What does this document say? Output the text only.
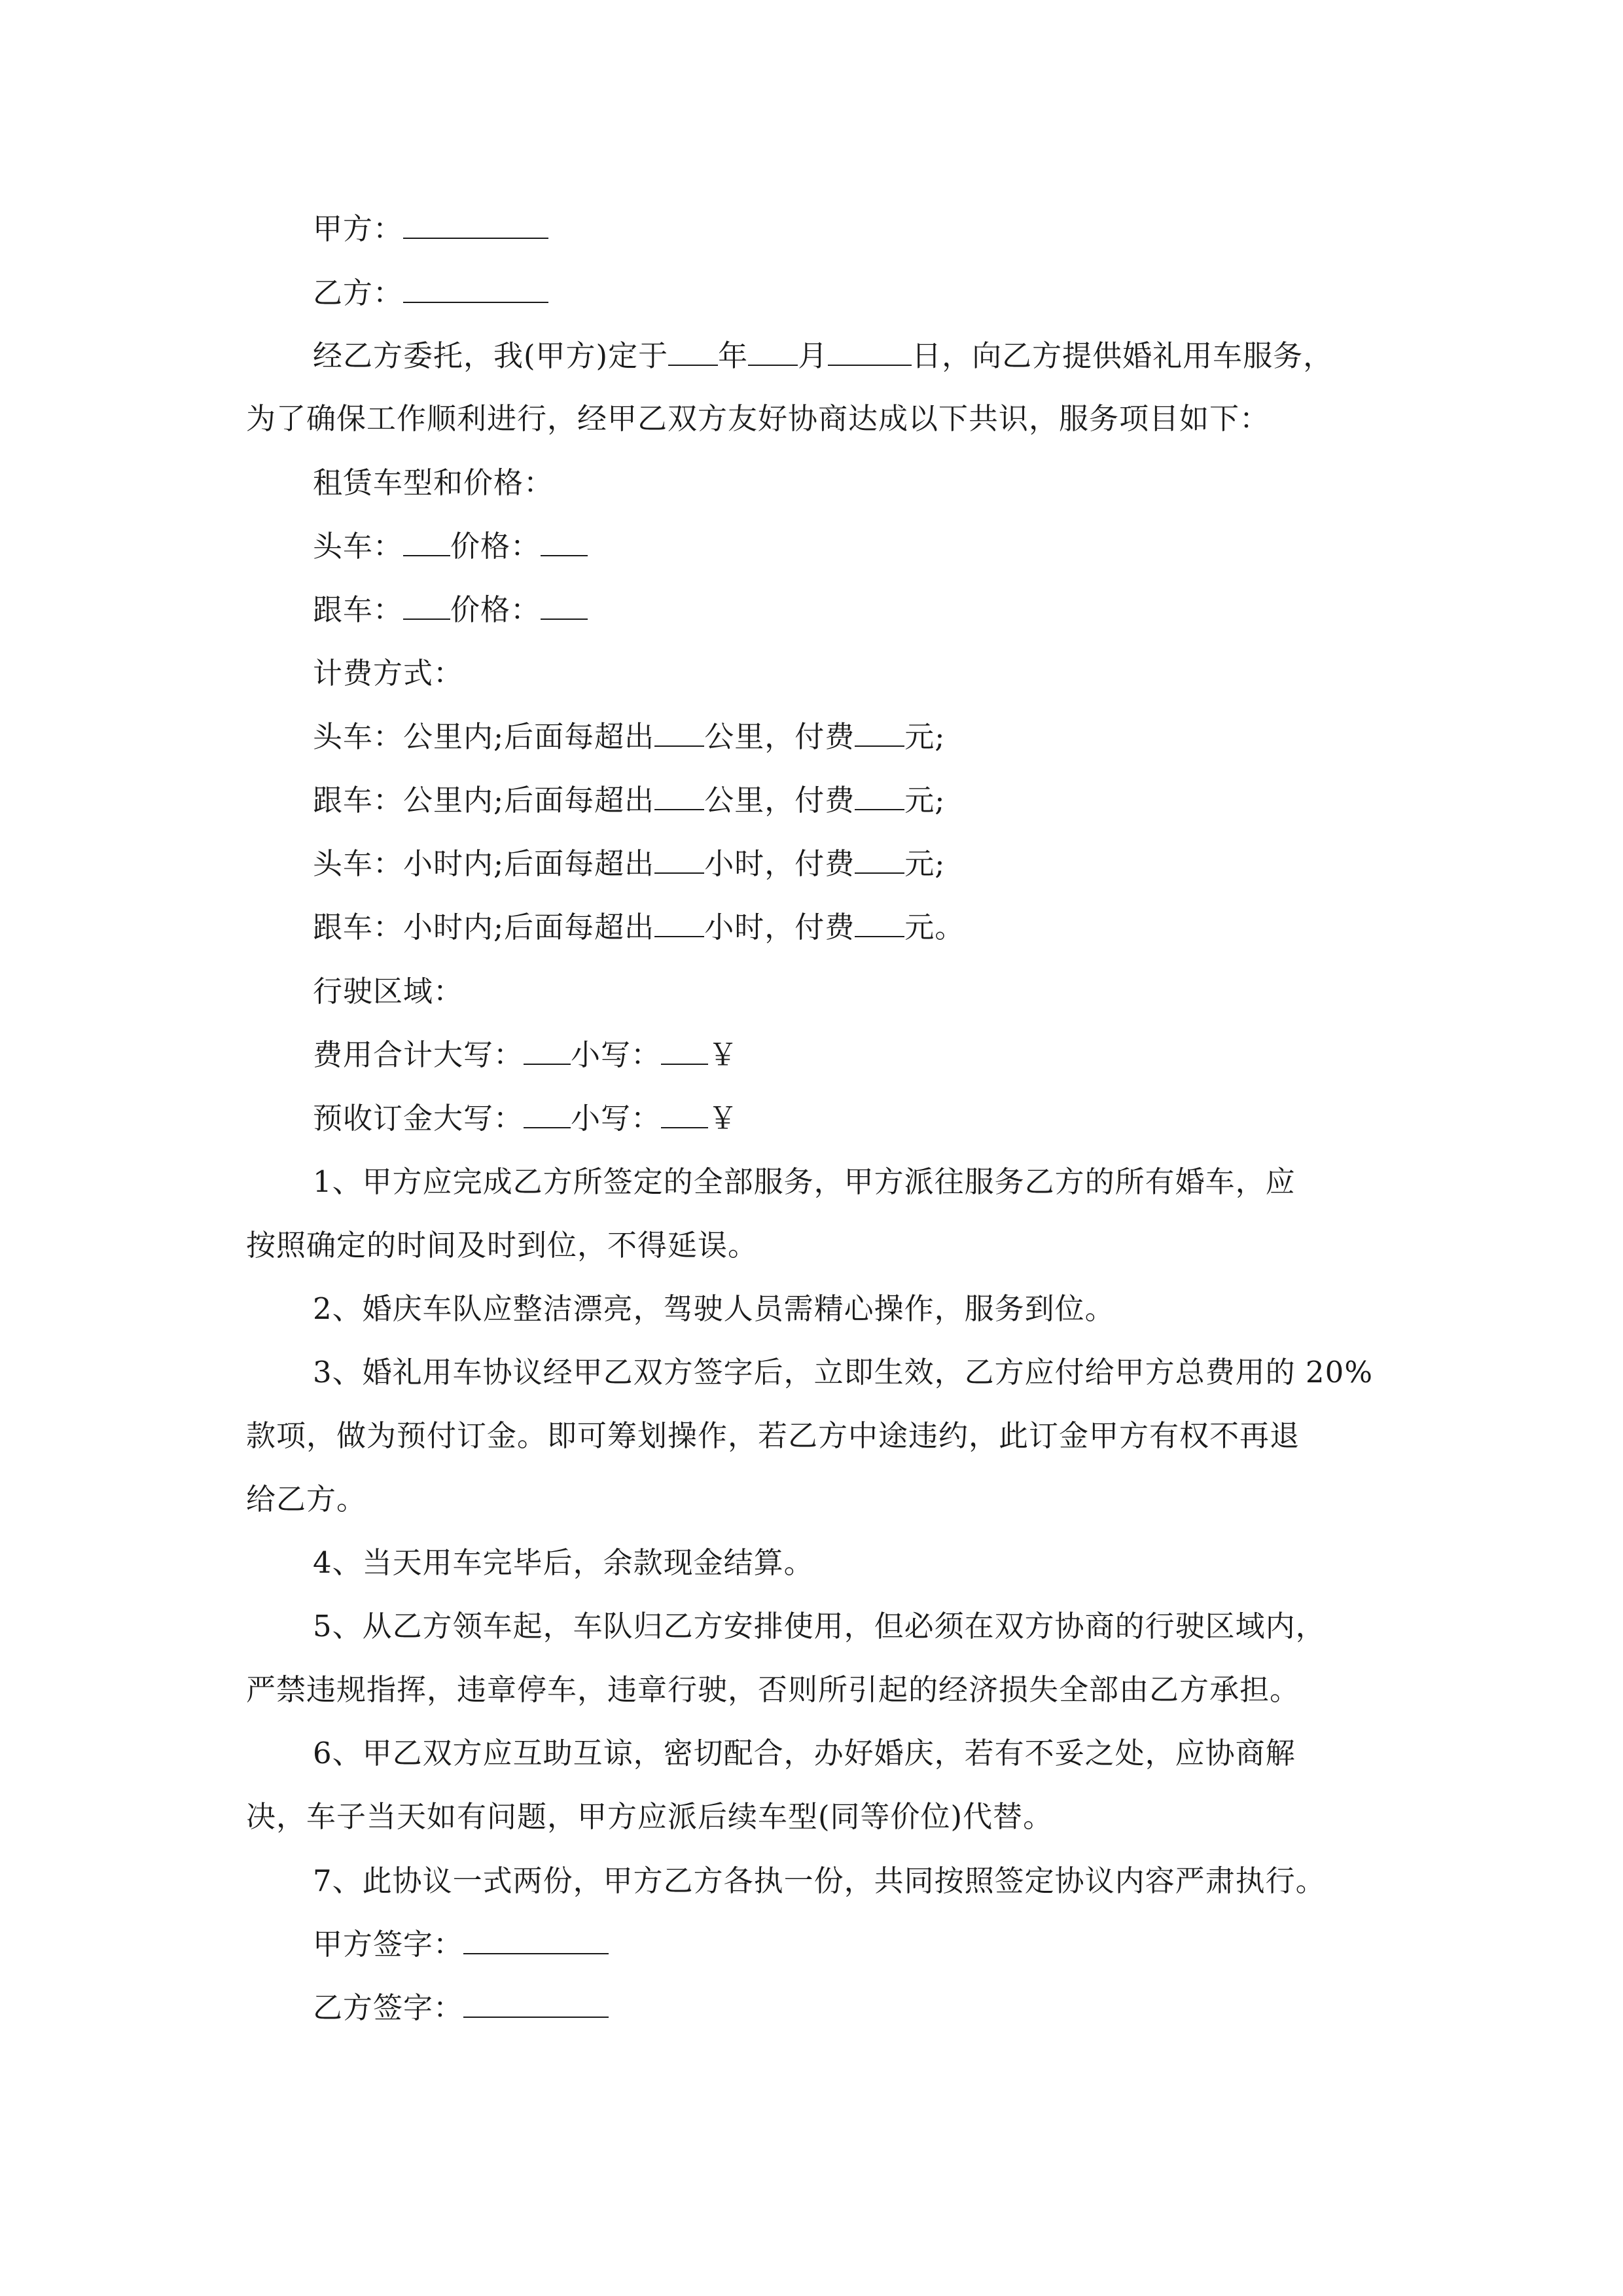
甲方：
乙方：
经乙方委托，我(甲方)定于 年 月	日，向乙方提供婚礼用车服务，
为了确保工作顺利进行，经甲乙双方友好协商达成以下共识，服务项目如下：
租赁车型和价格：
头车： 价格：
跟车： 价格：
计费方式：
头车：公里内;后面每超出 公里，付费 元;
跟车：公里内;后面每超出 公里，付费 元;
头车：小时内;后面每超出 小时，付费 元;
跟车：小时内;后面每超出 小时，付费 元。
行驶区域：
费用合计大写： 小写： ￥
预收订金大写： 小写： ￥
1、甲方应完成乙方所签定的全部服务，甲方派往服务乙方的所有婚车，应
按照确定的时间及时到位，不得延误。
2、婚庆车队应整洁漂亮，驾驶人员需精心操作，服务到位。
3、婚礼用车协议经甲乙双方签字后，立即生效，乙方应付给甲方总费用的 20%
款项，做为预付订金。即可筹划操作，若乙方中途违约，此订金甲方有权不再退
给乙方。
4、当天用车完毕后，余款现金结算。
5、从乙方领车起，车队归乙方安排使用，但必须在双方协商的行驶区域内，
严禁违规指挥，违章停车，违章行驶，否则所引起的经济损失全部由乙方承担。
6、甲乙双方应互助互谅，密切配合，办好婚庆，若有不妥之处，应协商解
决，车子当天如有问题，甲方应派后续车型(同等价位)代替。
7、此协议一式两份，甲方乙方各执一份，共同按照签定协议内容严肃执行。
甲方签字：
乙方签字：
